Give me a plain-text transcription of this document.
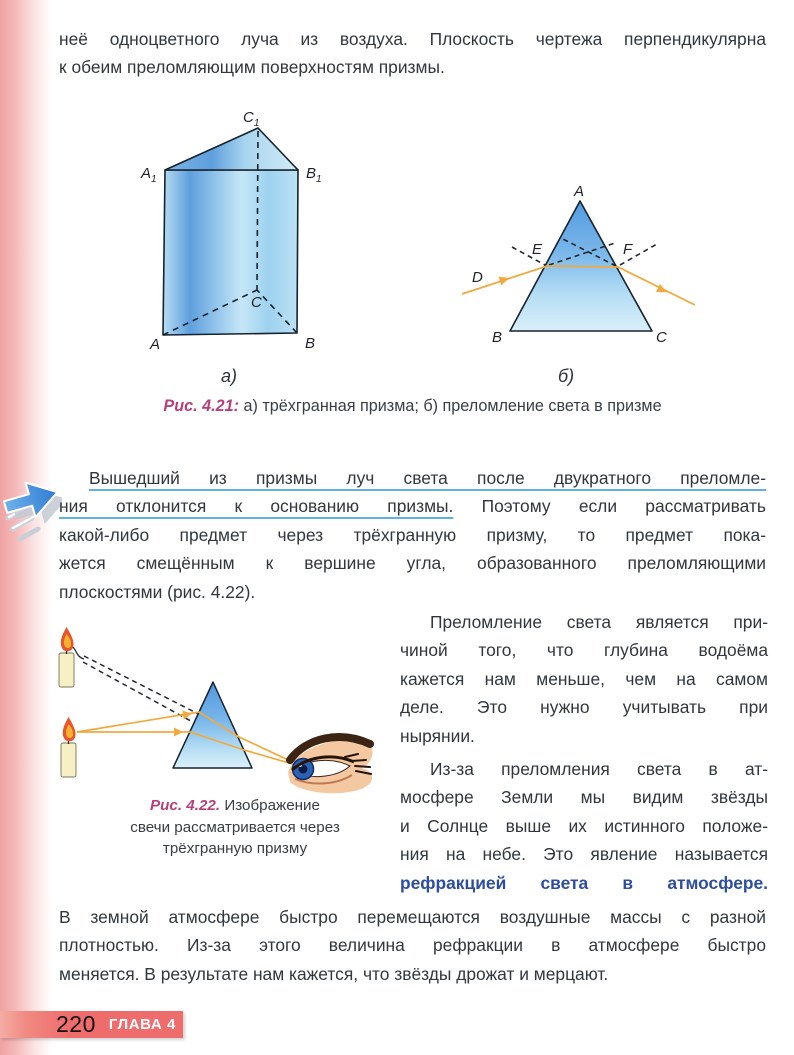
неё одноцветного луча из воздуха. Плоскость чертежа перпендикулярна
к обеим преломляющим поверхностям призмы.
$C_1$
$A_1$	$B_1$
A	B
C
а)
A
B	C
D
E	F
б)
Рис. 4.21: а) трёхгранная призма; б) преломление света в призме
Вышедший из призмы луч света после двукратного преломле-
ния отклонится к основанию призмы. Поэтому если рассматривать
какой-либо предмет через трёхгранную призму, то предмет пока-
жется смещённым к вершине угла, образованного преломляющими
плоскостями (рис. 4.22).
Рис. 4.22. Изображение
свечи рассматривается через
трёхгранную призму
Преломление света является при-
чиной того, что глубина водоёма
кажется нам меньше, чем на самом
деле. Это нужно учитывать при
нырянии.
Из-за преломления света в ат-
мосфере Земли мы видим звёзды
и Солнце выше их истинного положе-
ния на небе. Это явление называется
рефракцией света в атмосфере.
В земной атмосфере быстро перемещаются воздушные массы с разной
плотностью. Из-за этого величина рефракции в атмосфере быстро
меняется. В результате нам кажется, что звёзды дрожат и мерцают.
220 ГЛАВА 4
